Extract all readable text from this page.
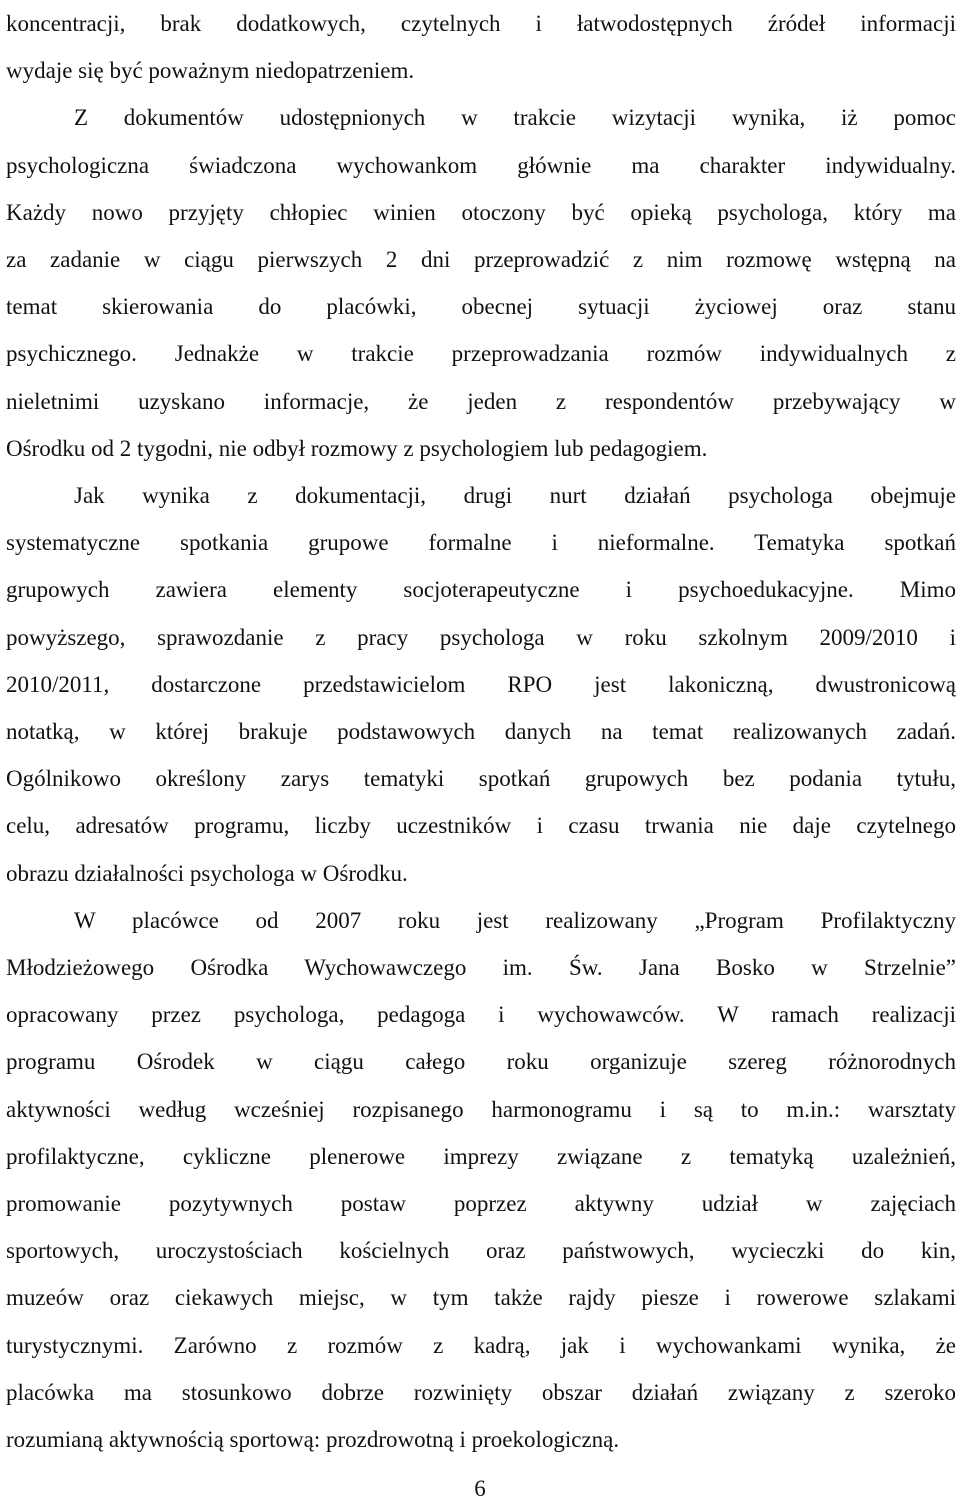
koncentracji, brak dodatkowych, czytelnych i łatwodostępnych źródeł informacji
wydaje się być poważnym niedopatrzeniem.
Z dokumentów udostępnionych w trakcie wizytacji wynika, iż pomoc
psychologiczna świadczona wychowankom głównie ma charakter indywidualny.
Każdy nowo przyjęty chłopiec winien otoczony być opieką psychologa, który ma
za zadanie w ciągu pierwszych 2 dni przeprowadzić z nim rozmowę wstępną na
temat skierowania do placówki, obecnej sytuacji życiowej oraz stanu
psychicznego. Jednakże w trakcie przeprowadzania rozmów indywidualnych z
nieletnimi uzyskano informacje, że jeden z respondentów przebywający w
Ośrodku od 2 tygodni, nie odbył rozmowy z psychologiem lub pedagogiem.
Jak wynika z dokumentacji, drugi nurt działań psychologa obejmuje
systematyczne spotkania grupowe formalne i nieformalne. Tematyka spotkań
grupowych zawiera elementy socjoterapeutyczne i psychoedukacyjne. Mimo
powyższego, sprawozdanie z pracy psychologa w roku szkolnym 2009/2010 i
2010/2011, dostarczone przedstawicielom RPO jest lakoniczną, dwustronicową
notatką, w której brakuje podstawowych danych na temat realizowanych zadań.
Ogólnikowo określony zarys tematyki spotkań grupowych bez podania tytułu,
celu, adresatów programu, liczby uczestników i czasu trwania nie daje czytelnego
obrazu działalności psychologa w Ośrodku.
W placówce od 2007 roku jest realizowany „Program Profilaktyczny
Młodzieżowego Ośrodka Wychowawczego im. Św. Jana Bosko w Strzelnie”
opracowany przez psychologa, pedagoga i wychowawców. W ramach realizacji
programu Ośrodek w ciągu całego roku organizuje szereg różnorodnych
aktywności według wcześniej rozpisanego harmonogramu i są to m.in.: warsztaty
profilaktyczne, cykliczne plenerowe imprezy związane z tematyką uzależnień,
promowanie pozytywnych postaw poprzez aktywny udział w zajęciach
sportowych, uroczystościach kościelnych oraz państwowych, wycieczki do kin,
muzeów oraz ciekawych miejsc, w tym także rajdy piesze i rowerowe szlakami
turystycznymi. Zarówno z rozmów z kadrą, jak i wychowankami wynika, że
placówka ma stosunkowo dobrze rozwinięty obszar działań związany z szeroko
rozumianą aktywnością sportową: prozdrowotną i proekologiczną.
6
